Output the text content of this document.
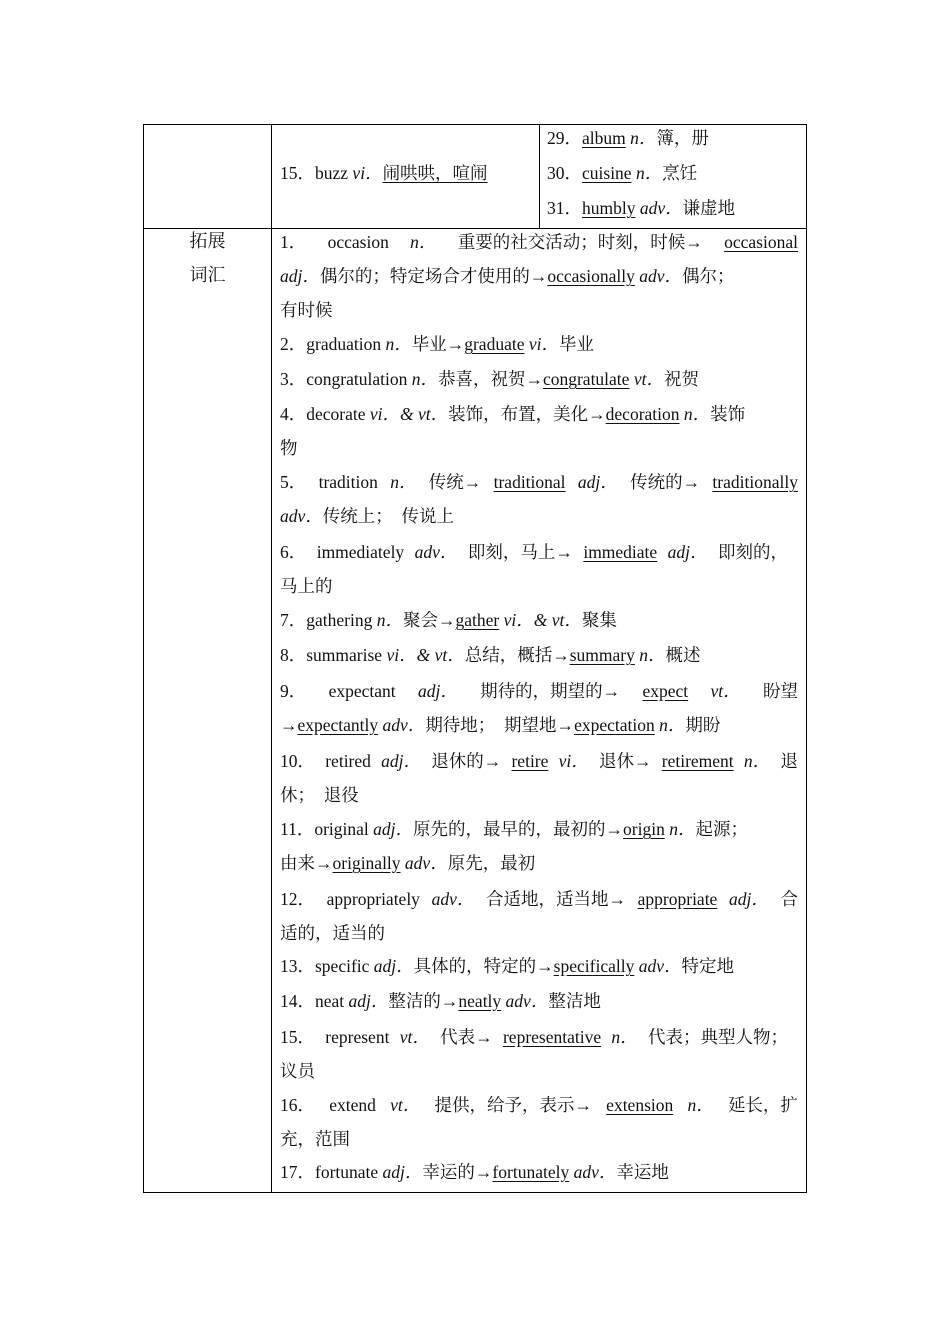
15．buzz vi．闹哄哄，喧闹
29．album n．簿，册
30．cuisine n．烹饪
31．humbly adv．谦虚地
拓展
词汇
1． occasion n． 重要的社交活动；时刻，时候→ occasional
adj．偶尔的；特定场合才使用的→occasionally adv．偶尔；
有时候
2．graduation n．毕业→graduate vi．毕业
3．congratulation n．恭喜，祝贺→congratulate vt．祝贺
4．decorate vi．& vt．装饰，布置，美化→decoration n．装饰
物
5． tradition n． 传统→ traditional adj． 传统的→ traditionally
adv．传统上；　传说上
6． immediately adv． 即刻，马上→ immediate adj． 即刻的，
马上的
7．gathering n．聚会→gather vi．& vt．聚集
8．summarise vi．& vt．总结，概括→summary n．概述
9． expectant adj． 期待的，期望的→ expect vt． 盼望
→expectantly adv．期待地；　期望地→expectation n．期盼
10． retired adj． 退休的→ retire vi． 退休→ retirement n． 退
休；　退役
11．original adj．原先的，最早的，最初的→origin n．起源；
由来→originally adv．原先，最初
12． appropriately adv． 合适地，适当地→ appropriate adj． 合
适的，适当的
13．specific adj．具体的，特定的→specifically adv．特定地
14．neat adj．整洁的→neatly adv．整洁地
15． represent vt． 代表→ representative n． 代表；典型人物；
议员
16． extend vt． 提供，给予，表示→ extension n． 延长，扩
充，范围
17．fortunate adj．幸运的→fortunately adv．幸运地
